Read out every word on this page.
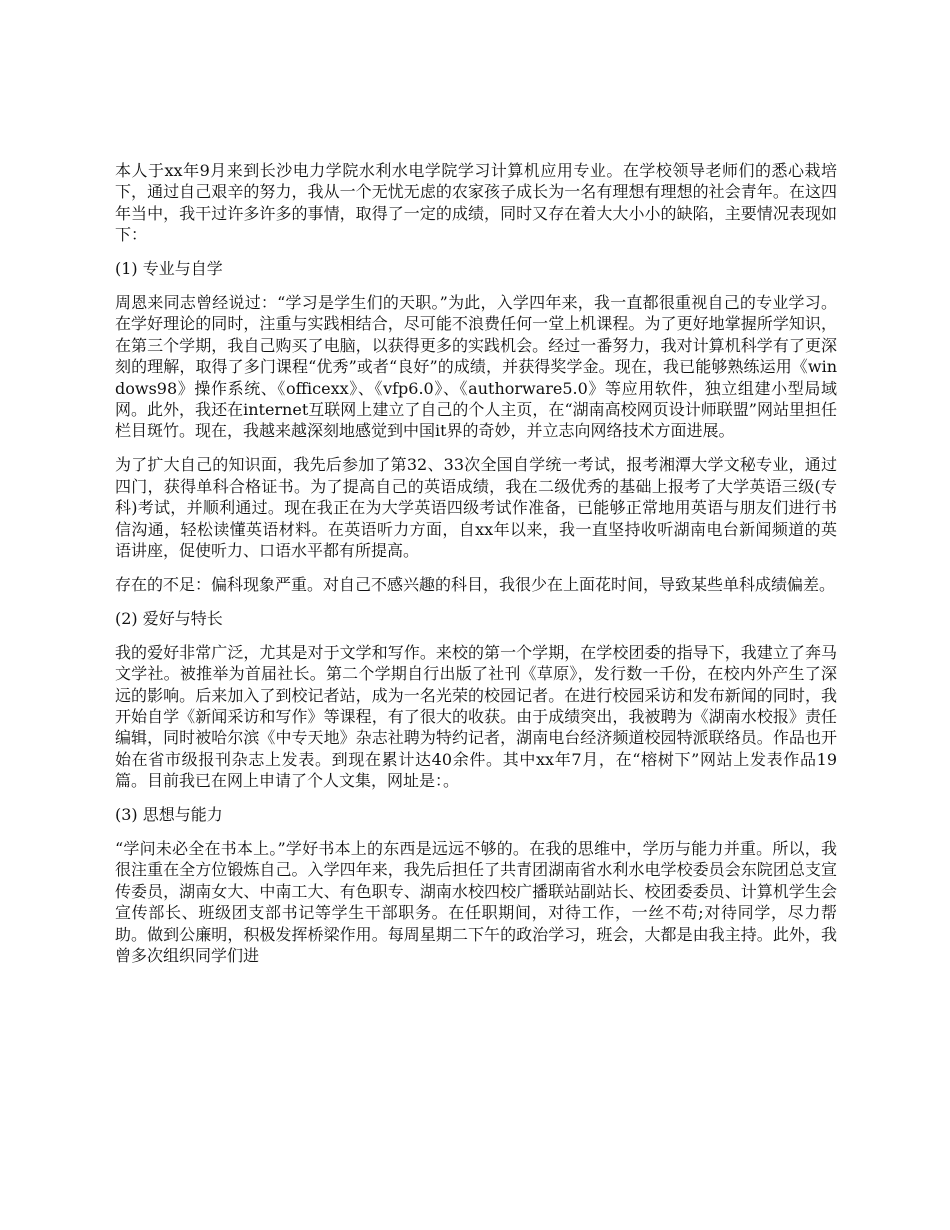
本人于xx年9月来到长沙电力学院水利水电学院学习计算机应用专业。在学校领导老师们的悉心栽培下，通过自己艰辛的努力，我从一个无忧无虑的农家孩子成长为一名有理想有理想的社会青年。在这四年当中，我干过许多许多的事情，取得了一定的成绩，同时又存在着大大小小的缺陷，主要情况表现如下：

(1) 专业与自学

周恩来同志曾经说过：“学习是学生们的天职。”为此，入学四年来，我一直都很重视自己的专业学习。在学好理论的同时，注重与实践相结合，尽可能不浪费任何一堂上机课程。为了更好地掌握所学知识，在第三个学期，我自己购买了电脑，以获得更多的实践机会。经过一番努力，我对计算机科学有了更深刻的理解，取得了多门课程“优秀”或者“良好”的成绩，并获得奖学金。现在，我已能够熟练运用《windows98》操作系统、《officexx》、《vfp6.0》、《authorware5.0》等应用软件，独立组建小型局域网。此外，我还在internet互联网上建立了自己的个人主页，在“湖南高校网页设计师联盟”网站里担任栏目斑竹。现在，我越来越深刻地感觉到中国it界的奇妙，并立志向网络技术方面进展。

为了扩大自己的知识面，我先后参加了第32、33次全国自学统一考试，报考湘潭大学文秘专业，通过四门，获得单科合格证书。为了提高自己的英语成绩，我在二级优秀的基础上报考了大学英语三级(专科)考试，并顺利通过。现在我正在为大学英语四级考试作准备，已能够正常地用英语与朋友们进行书信沟通，轻松读懂英语材料。在英语听力方面，自xx年以来，我一直坚持收听湖南电台新闻频道的英语讲座，促使听力、口语水平都有所提高。

存在的不足：偏科现象严重。对自己不感兴趣的科目，我很少在上面花时间，导致某些单科成绩偏差。

(2) 爱好与特长

我的爱好非常广泛，尤其是对于文学和写作。来校的第一个学期，在学校团委的指导下，我建立了奔马文学社。被推举为首届社长。第二个学期自行出版了社刊《草原》，发行数一千份，在校内外产生了深远的影响。后来加入了到校记者站，成为一名光荣的校园记者。在进行校园采访和发布新闻的同时，我开始自学《新闻采访和写作》等课程，有了很大的收获。由于成绩突出，我被聘为《湖南水校报》责任编辑，同时被哈尔滨《中专天地》杂志社聘为特约记者，湖南电台经济频道校园特派联络员。作品也开始在省市级报刊杂志上发表。到现在累计达40余件。其中xx年7月，在“榕树下”网站上发表作品19篇。目前我已在网上申请了个人文集，网址是：。

(3) 思想与能力

“学问未必全在书本上。”学好书本上的东西是远远不够的。在我的思维中，学历与能力并重。所以，我很注重在全方位锻炼自己。入学四年来，我先后担任了共青团湖南省水利水电学校委员会东院团总支宣传委员，湖南女大、中南工大、有色职专、湖南水校四校广播联站副站长、校团委委员、计算机学生会宣传部长、班级团支部书记等学生干部职务。在任职期间，对待工作，一丝不苟;对待同学，尽力帮助。做到公廉明，积极发挥桥梁作用。每周星期二下午的政治学习，班会，大都是由我主持。此外，我曾多次组织同学们进
